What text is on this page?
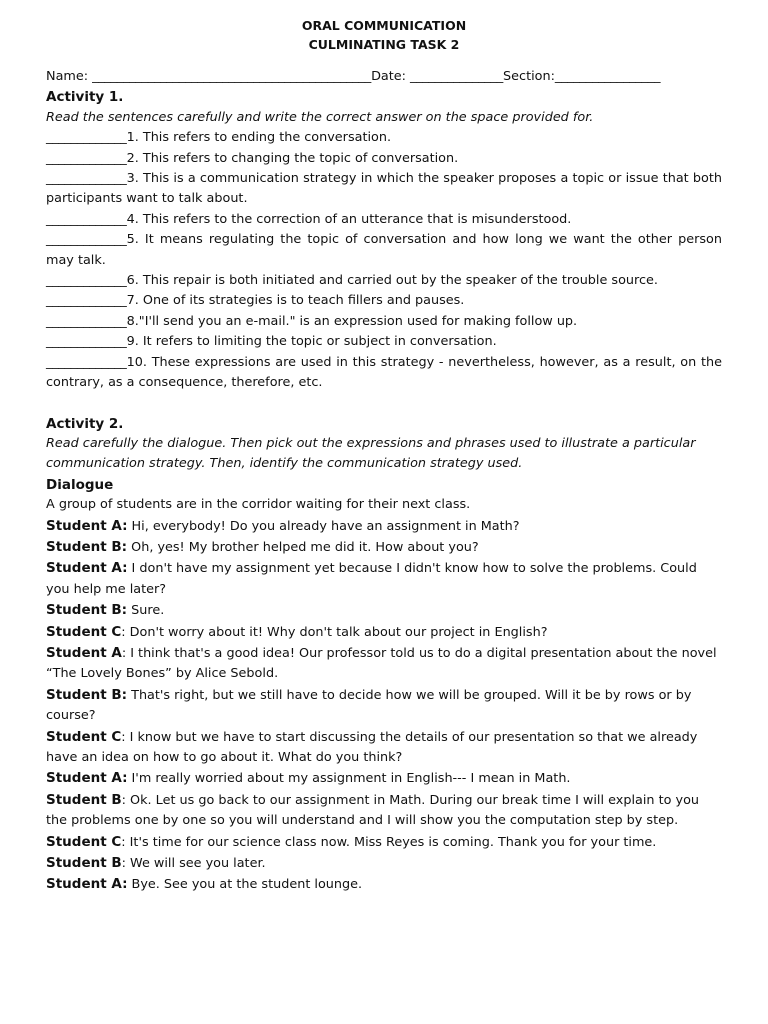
ORAL COMMUNICATION
CULMINATING TASK 2
Name: _____________________________________________Date: _______________Section:_________________
Activity 1.
Read the sentences carefully and write the correct answer on the space provided for.
_____________1. This refers to ending the conversation.
_____________2. This refers to changing the topic of conversation.
_____________3. This is a communication strategy in which the speaker proposes a topic or issue that both participants want to talk about.
_____________4. This refers to the correction of an utterance that is misunderstood.
_____________5. It means regulating the topic of conversation and how long we want the other person may talk.
_____________6. This repair is both initiated and carried out by the speaker of the trouble source.
_____________7. One of its strategies is to teach fillers and pauses.
_____________8."I'll send you an e-mail." is an expression used for making follow up.
_____________9. It refers to limiting the topic or subject in conversation.
_____________10. These expressions are used in this strategy - nevertheless, however, as a result, on the contrary, as a consequence, therefore, etc.
Activity 2.
Read carefully the dialogue. Then pick out the expressions and phrases used to illustrate a particular communication strategy. Then, identify the communication strategy used.
Dialogue
A group of students are in the corridor waiting for their next class.
Student A: Hi, everybody! Do you already have an assignment in Math?
Student B: Oh, yes! My brother helped me did it. How about you?
Student A: I don't have my assignment yet because I didn't know how to solve the problems. Could you help me later?
Student B: Sure.
Student C: Don't worry about it! Why don't talk about our project in English?
Student A: I think that's a good idea! Our professor told us to do a digital presentation about the novel “The Lovely Bones” by Alice Sebold.
Student B: That's right, but we still have to decide how we will be grouped. Will it be by rows or by course?
Student C: I know but we have to start discussing the details of our presentation so that we already have an idea on how to go about it. What do you think?
Student A: I'm really worried about my assignment in English--- I mean in Math.
Student B: Ok. Let us go back to our assignment in Math. During our break time I will explain to you the problems one by one so you will understand and I will show you the computation step by step.
Student C: It's time for our science class now. Miss Reyes is coming. Thank you for your time.
Student B: We will see you later.
Student A: Bye. See you at the student lounge.
